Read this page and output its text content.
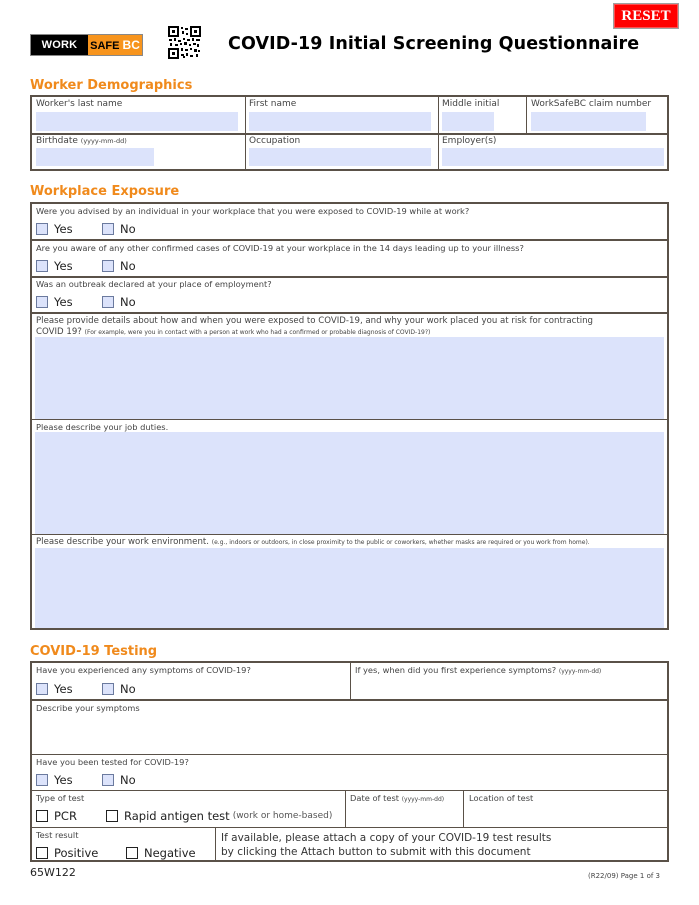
RESET
WORK	SAFE BC	COVID-19 Initial Screening Questionnaire
Worker Demographics
Worker's last name	First name	Middle initial	WorkSafeBC claim number
Birthdate (yyyy-mm-dd)	Occupation	Employer(s)
Workplace Exposure
Were you advised by an individual in your workplace that you were exposed to COVID-19 while at work?
Yes	No
Are you aware of any other confirmed cases of COVID-19 at your workplace in the 14 days leading up to your illness?
Yes	No
Was an outbreak declared at your place of employment?
Yes	No
Please provide details about how and when you were exposed to COVID-19, and why your work placed you at risk for contracting
COVID 19? (For example, were you in contact with a person at work who had a confirmed or probable diagnosis of COVID-19?)
Please describe your job duties.
Please describe your work environment. (e.g., indoors or outdoors, in close proximity to the public or coworkers, whether masks are required or you work from home).
COVID-19 Testing
Have you experienced any symptoms of COVID-19?
Yes	No
If yes, when did you first experience symptoms? (yyyy-mm-dd)
Describe your symptoms
Have you been tested for COVID-19?
Yes	No
Type of test
PCR	Rapid antigen test (work or home-based)
Date of test (yyyy-mm-dd)	Location of test
Test result
Positive	Negative
If available, please attach a copy of your COVID-19 test results
by clicking the Attach button to submit with this document
65W122	(R22/09) Page 1 of 3
